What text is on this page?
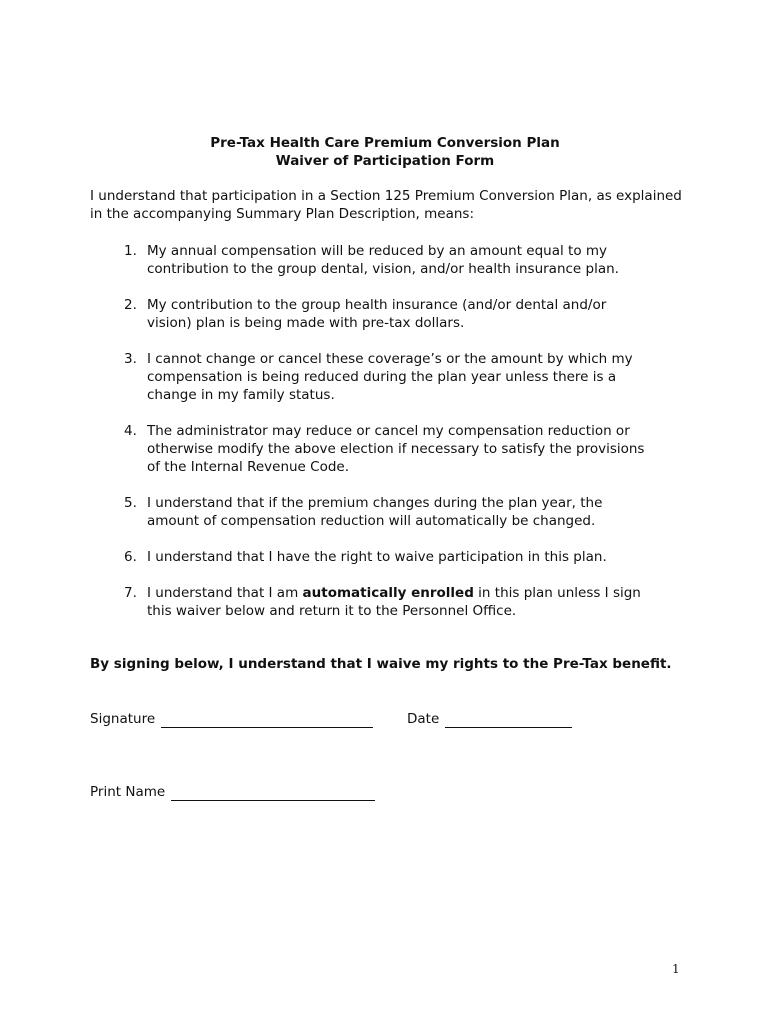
Pre-Tax Health Care Premium Conversion Plan
Waiver of Participation Form
I understand that participation in a Section 125 Premium Conversion Plan, as explained in the accompanying Summary Plan Description, means:
1. My annual compensation will be reduced by an amount equal to my contribution to the group dental, vision, and/or health insurance plan.
2. My contribution to the group health insurance (and/or dental and/or vision) plan is being made with pre-tax dollars.
3. I cannot change or cancel these coverage’s or the amount by which my compensation is being reduced during the plan year unless there is a change in my family status.
4. The administrator may reduce or cancel my compensation reduction or otherwise modify the above election if necessary to satisfy the provisions of the Internal Revenue Code.
5. I understand that if the premium changes during the plan year, the amount of compensation reduction will automatically be changed.
6. I understand that I have the right to waive participation in this plan.
7. I understand that I am automatically enrolled in this plan unless I sign this waiver below and return it to the Personnel Office.
By signing below, I understand that I waive my rights to the Pre-Tax benefit.
Signature	Date
Print Name
1
